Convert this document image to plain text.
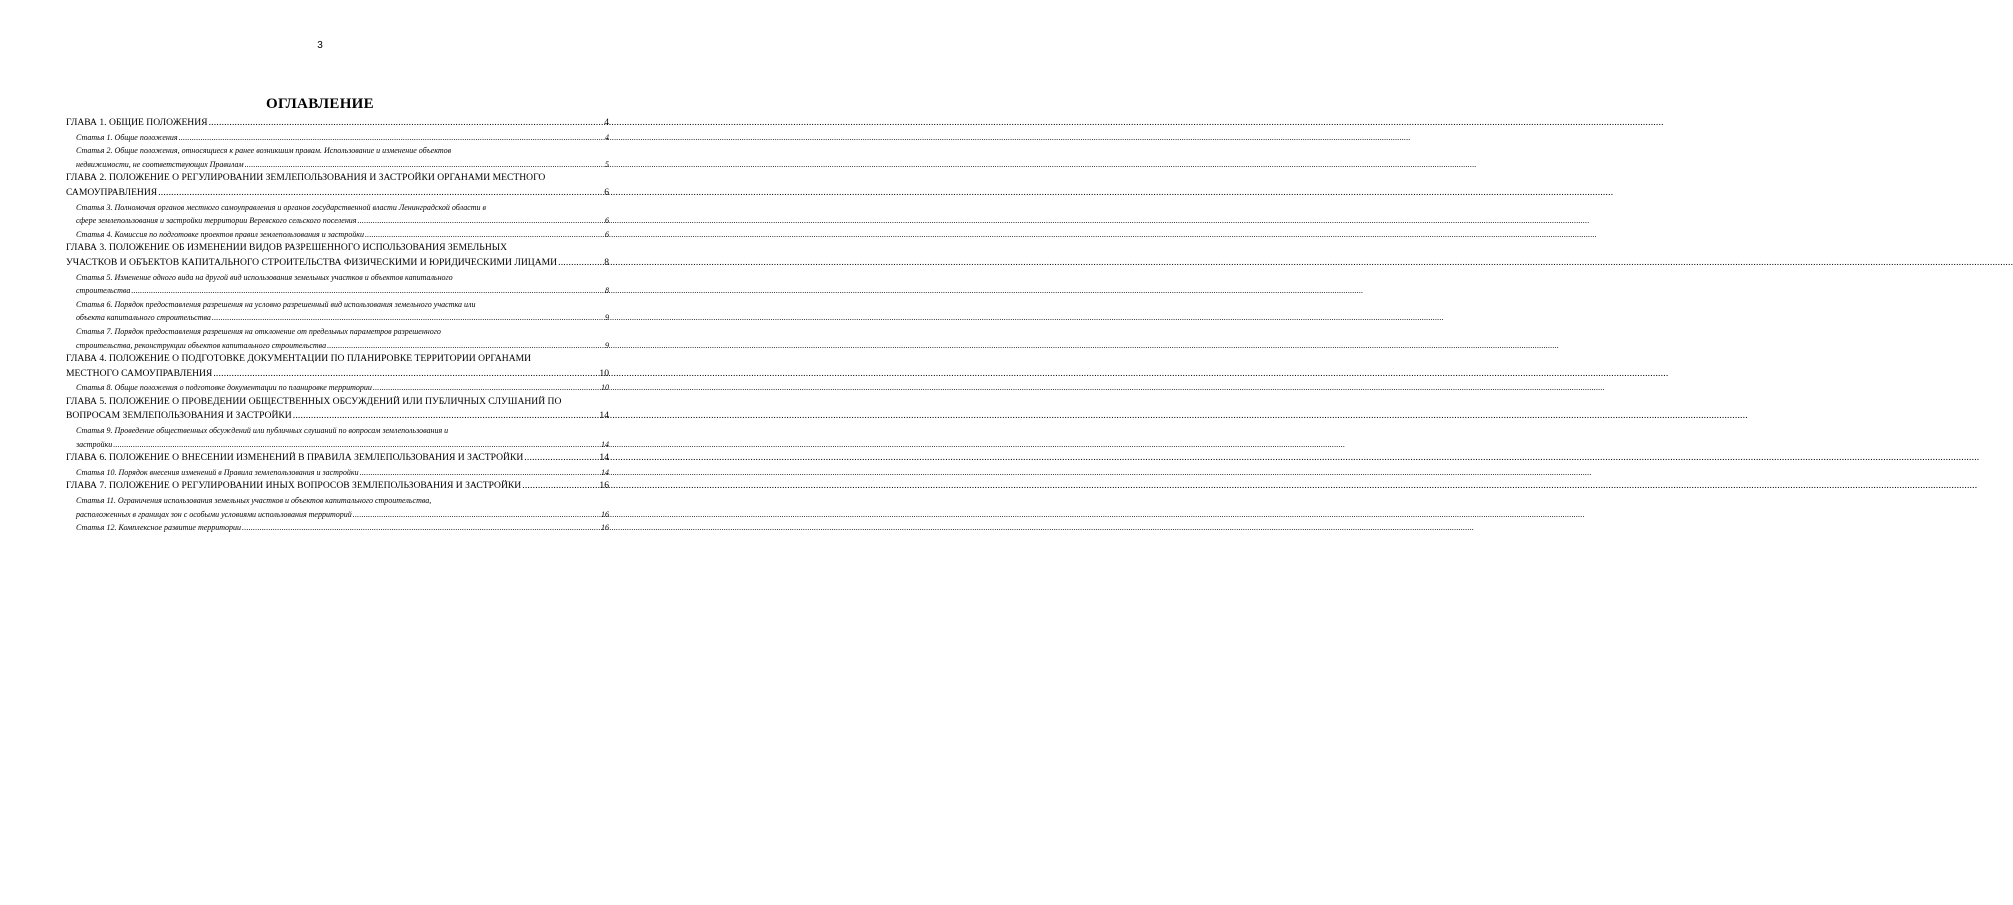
3
ОГЛАВЛЕНИЕ
ГЛАВА 1. ОБЩИЕ ПОЛОЖЕНИЯ .....	4
Статья 1. Общие положения .....	4
Статья 2. Общие положения, относящиеся к ранее возникшим правам. Использование и изменение объектов
недвижимости, не соответствующих Правилам .....	5
ГЛАВА 2. ПОЛОЖЕНИЕ О РЕГУЛИРОВАНИИ ЗЕМЛЕПОЛЬЗОВАНИЯ И ЗАСТРОЙКИ ОРГАНАМИ МЕСТНОГО
САМОУПРАВЛЕНИЯ .....	6
Статья 3. Полномочия органов местного самоуправления и органов государственной власти Ленинградской области в
сфере землепользования и застройки территории Веревского сельского поселения .....	6
Статья 4. Комиссия по подготовке проектов правил землепользования и застройки .....	6
ГЛАВА 3. ПОЛОЖЕНИЕ ОБ ИЗМЕНЕНИИ ВИДОВ РАЗРЕШЕННОГО ИСПОЛЬЗОВАНИЯ ЗЕМЕЛЬНЫХ
УЧАСТКОВ И ОБЪЕКТОВ КАПИТАЛЬНОГО СТРОИТЕЛЬСТВА ФИЗИЧЕСКИМИ И ЮРИДИЧЕСКИМИ ЛИЦАМИ .....	8
Статья 5. Изменение одного вида на другой вид использования земельных участков и объектов капитального
строительства .....	8
Статья 6. Порядок предоставления разрешения на условно разрешенный вид использования земельного участка или
объекта капитального строительства .....	9
Статья 7. Порядок предоставления разрешения на отклонение от предельных параметров разрешенного
строительства, реконструкции объектов капитального строительства .....	9
ГЛАВА 4. ПОЛОЖЕНИЕ О ПОДГОТОВКЕ ДОКУМЕНТАЦИИ ПО ПЛАНИРОВКЕ ТЕРРИТОРИИ ОРГАНАМИ
МЕСТНОГО САМОУПРАВЛЕНИЯ .....	10
Статья 8. Общие положения о подготовке документации по планировке территории .....	10
ГЛАВА 5. ПОЛОЖЕНИЕ О ПРОВЕДЕНИИ ОБЩЕСТВЕННЫХ ОБСУЖДЕНИЙ ИЛИ ПУБЛИЧНЫХ СЛУШАНИЙ ПО
ВОПРОСАМ ЗЕМЛЕПОЛЬЗОВАНИЯ И ЗАСТРОЙКИ .....	14
Статья 9. Проведение общественных обсуждений или публичных слушаний по вопросам землепользования и
застройки .....	14
ГЛАВА 6. ПОЛОЖЕНИЕ О ВНЕСЕНИИ ИЗМЕНЕНИЙ В ПРАВИЛА ЗЕМЛЕПОЛЬЗОВАНИЯ И ЗАСТРОЙКИ .....	14
Статья 10. Порядок внесения изменений в Правила землепользования и застройки .....	14
ГЛАВА 7. ПОЛОЖЕНИЕ О РЕГУЛИРОВАНИИ ИНЫХ ВОПРОСОВ ЗЕМЛЕПОЛЬЗОВАНИЯ И ЗАСТРОЙКИ .....	16
Статья 11. Ограничения использования земельных участков и объектов капитального строительства,
расположенных в границах зон с особыми условиями использования территорий .....	16
Статья 12. Комплексное развитие территории .....	16
